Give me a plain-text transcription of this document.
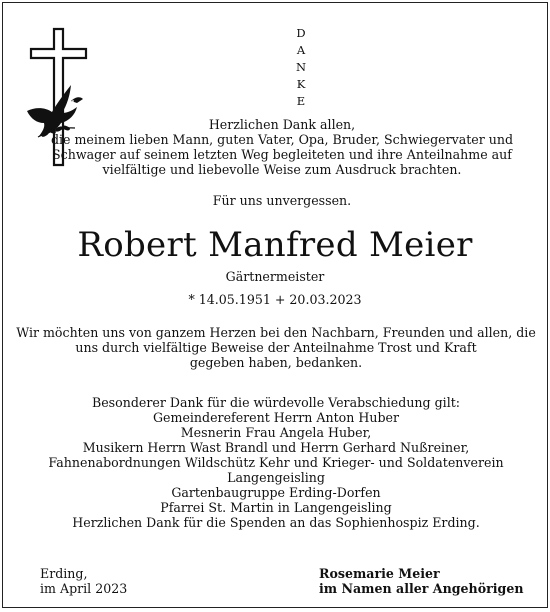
D
A
N
K
E
Herzlichen Dank allen,
die meinem lieben Mann, guten Vater, Opa, Bruder, Schwiegervater und
Schwager auf seinem letzten Weg begleiteten und ihre Anteilnahme auf
vielfältige und liebevolle Weise zum Ausdruck brachten.
Für uns unvergessen.
Robert Manfred Meier
Gärtnermeister
* 14.05.1951 + 20.03.2023
Wir möchten uns von ganzem Herzen bei den Nachbarn, Freunden und allen, die
uns durch vielfältige Beweise der Anteilnahme Trost und Kraft
gegeben haben, bedanken.
Besonderer Dank für die würdevolle Verabschiedung gilt:
Gemeindereferent Herrn Anton Huber
Mesnerin Frau Angela Huber,
Musikern Herrn Wast Brandl und Herrn Gerhard Nußreiner,
Fahnenabordnungen Wildschütz Kehr und Krieger- und Soldatenverein
Langengeisling
Gartenbaugruppe Erding-Dorfen
Pfarrei St. Martin in Langengeisling
Herzlichen Dank für die Spenden an das Sophienhospiz Erding.
Erding,
im April 2023
Rosemarie Meier
im Namen aller Angehörigen
